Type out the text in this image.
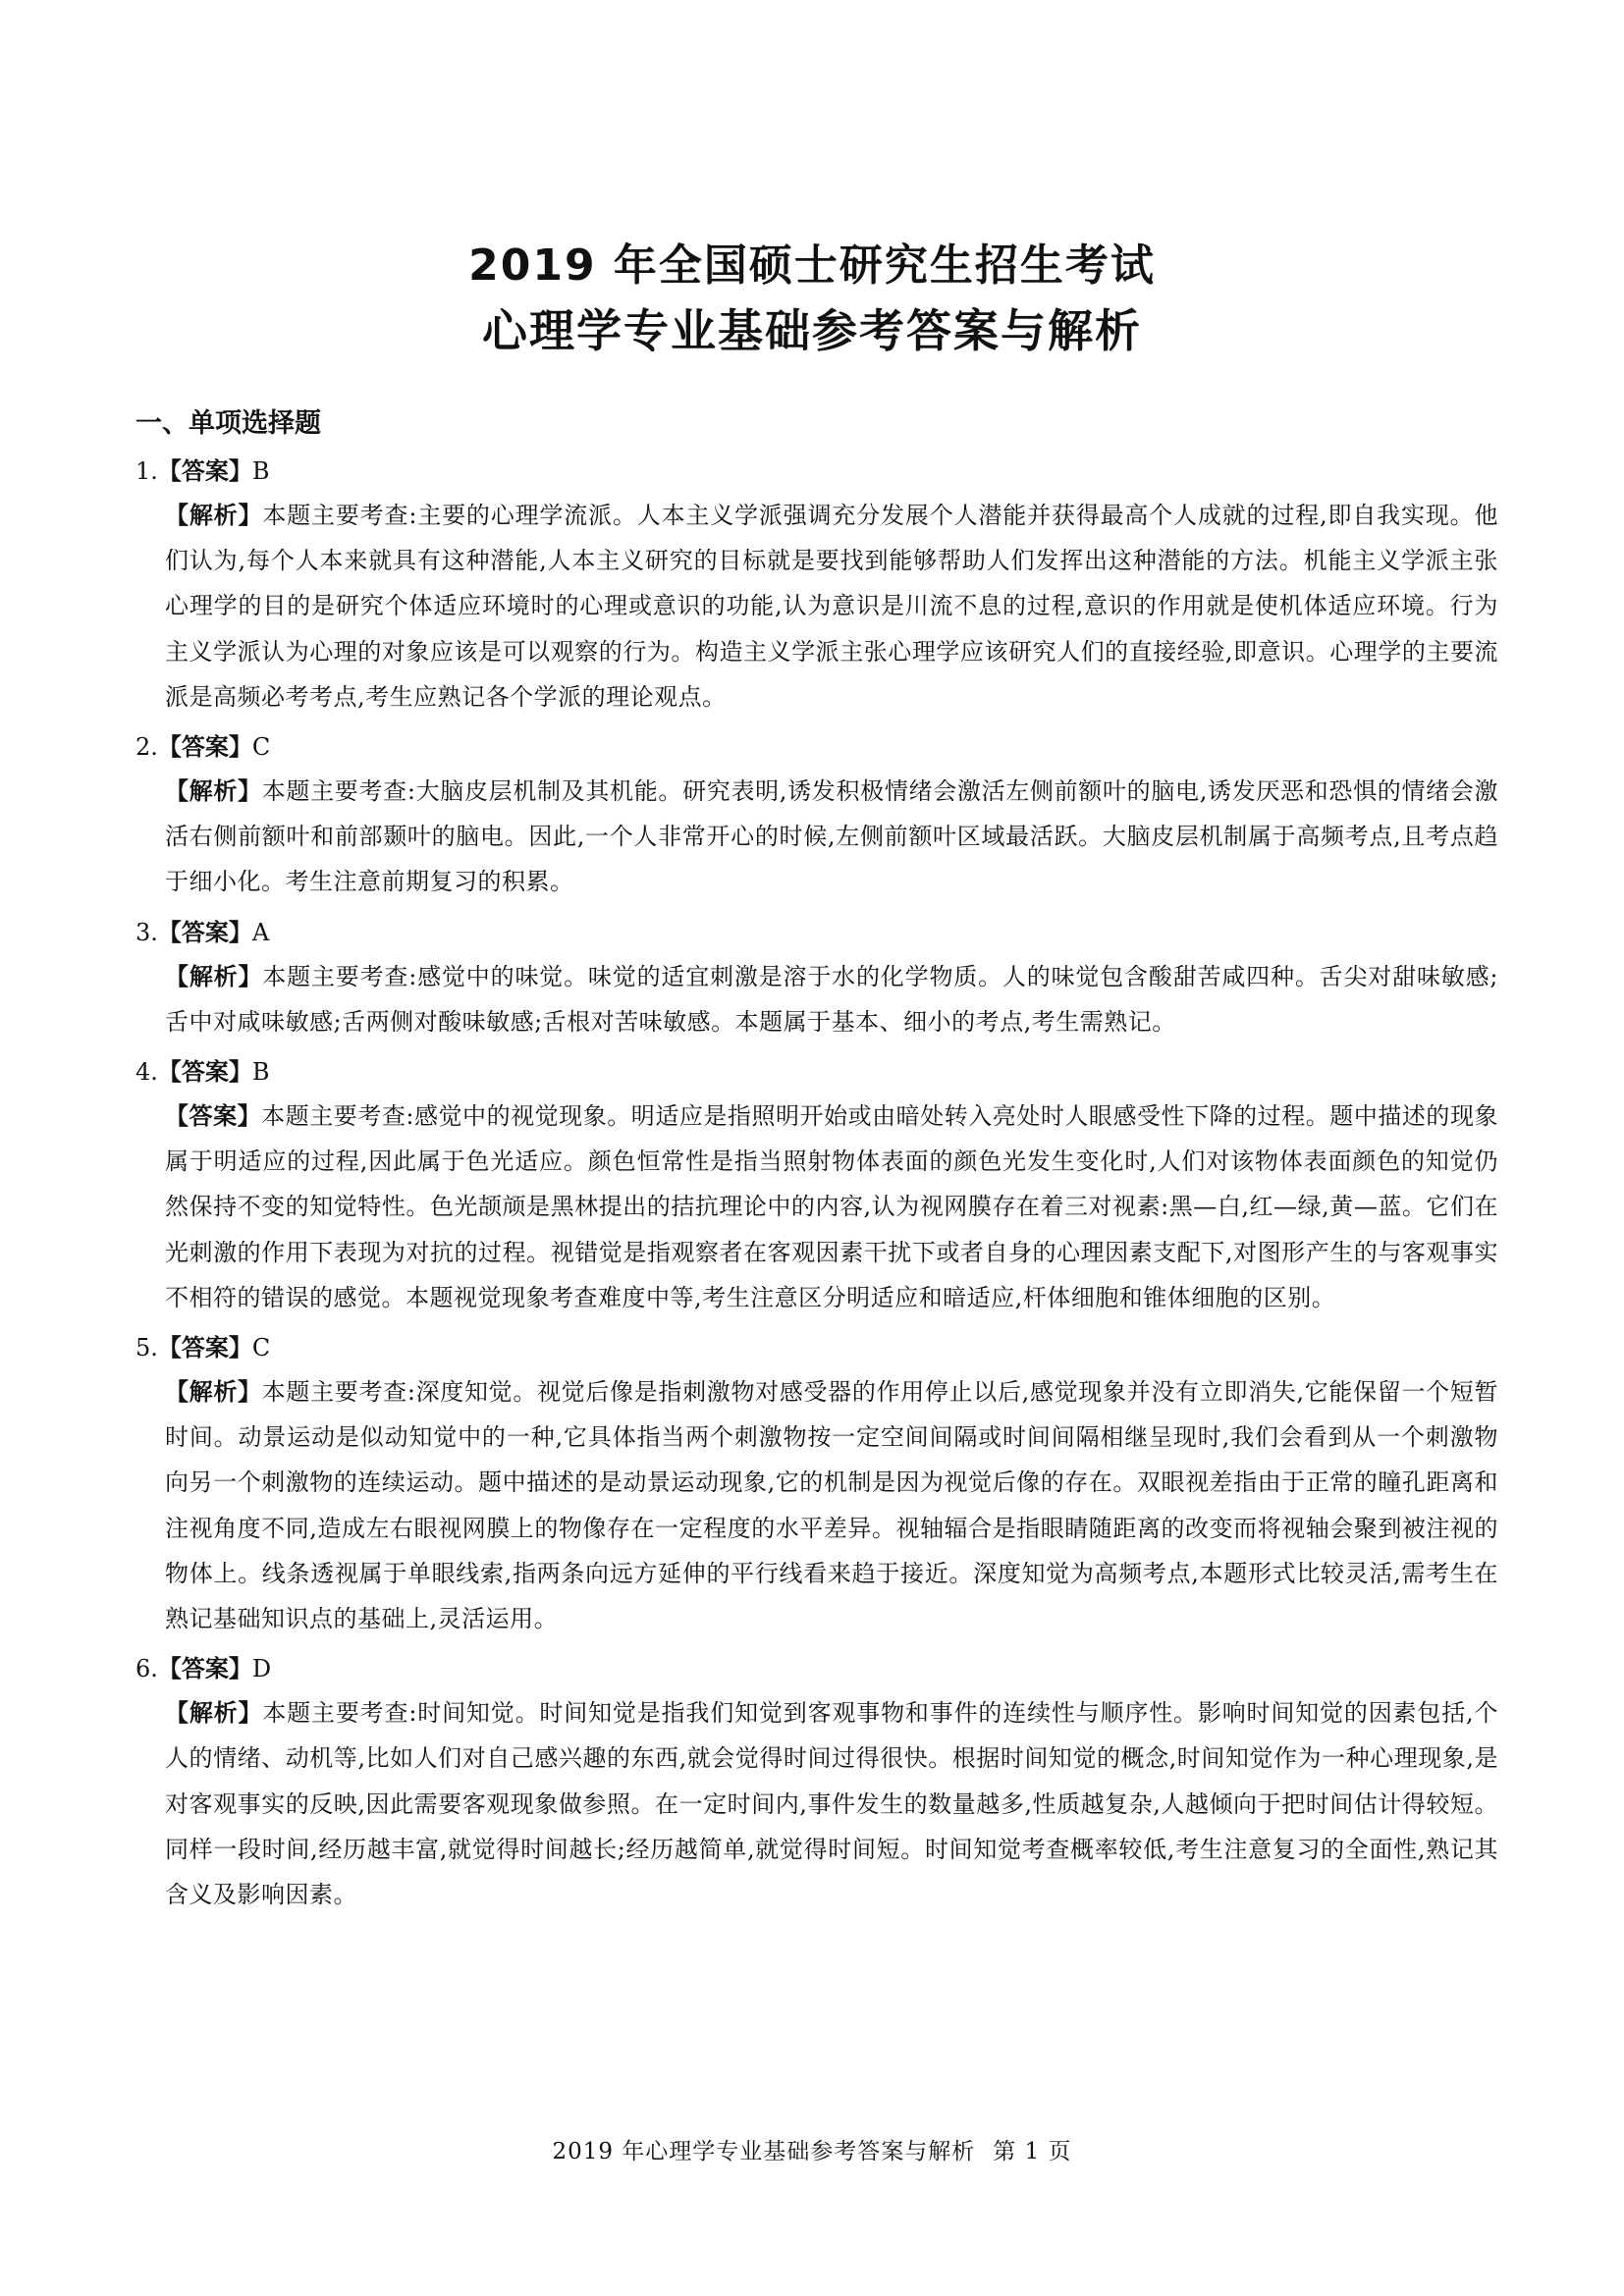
2019 年全国硕士研究生招生考试
心理学专业基础参考答案与解析
一、单项选择题
1.【答案】B
【解析】本题主要考查:主要的心理学流派。人本主义学派强调充分发展个人潜能并获得最高个人成就的过程,即自我实现。他们认为,每个人本来就具有这种潜能,人本主义研究的目标就是要找到能够帮助人们发挥出这种潜能的方法。机能主义学派主张心理学的目的是研究个体适应环境时的心理或意识的功能,认为意识是川流不息的过程,意识的作用就是使机体适应环境。行为主义学派认为心理的对象应该是可以观察的行为。构造主义学派主张心理学应该研究人们的直接经验,即意识。心理学的主要流派是高频必考考点,考生应熟记各个学派的理论观点。
2.【答案】C
【解析】本题主要考查:大脑皮层机制及其机能。研究表明,诱发积极情绪会激活左侧前额叶的脑电,诱发厌恶和恐惧的情绪会激活右侧前额叶和前部颞叶的脑电。因此,一个人非常开心的时候,左侧前额叶区域最活跃。大脑皮层机制属于高频考点,且考点趋于细小化。考生注意前期复习的积累。
3.【答案】A
【解析】本题主要考查:感觉中的味觉。味觉的适宜刺激是溶于水的化学物质。人的味觉包含酸甜苦咸四种。舌尖对甜味敏感;舌中对咸味敏感;舌两侧对酸味敏感;舌根对苦味敏感。本题属于基本、细小的考点,考生需熟记。
4.【答案】B
【答案】本题主要考查:感觉中的视觉现象。明适应是指照明开始或由暗处转入亮处时人眼感受性下降的过程。题中描述的现象属于明适应的过程,因此属于色光适应。颜色恒常性是指当照射物体表面的颜色光发生变化时,人们对该物体表面颜色的知觉仍然保持不变的知觉特性。色光颉颃是黑林提出的拮抗理论中的内容,认为视网膜存在着三对视素:黑—白,红—绿,黄—蓝。它们在光刺激的作用下表现为对抗的过程。视错觉是指观察者在客观因素干扰下或者自身的心理因素支配下,对图形产生的与客观事实不相符的错误的感觉。本题视觉现象考查难度中等,考生注意区分明适应和暗适应,杆体细胞和锥体细胞的区别。
5.【答案】C
【解析】本题主要考查:深度知觉。视觉后像是指刺激物对感受器的作用停止以后,感觉现象并没有立即消失,它能保留一个短暂时间。动景运动是似动知觉中的一种,它具体指当两个刺激物按一定空间间隔或时间间隔相继呈现时,我们会看到从一个刺激物向另一个刺激物的连续运动。题中描述的是动景运动现象,它的机制是因为视觉后像的存在。双眼视差指由于正常的瞳孔距离和注视角度不同,造成左右眼视网膜上的物像存在一定程度的水平差异。视轴辐合是指眼睛随距离的改变而将视轴会聚到被注视的物体上。线条透视属于单眼线索,指两条向远方延伸的平行线看来趋于接近。深度知觉为高频考点,本题形式比较灵活,需考生在熟记基础知识点的基础上,灵活运用。
6.【答案】D
【解析】本题主要考查:时间知觉。时间知觉是指我们知觉到客观事物和事件的连续性与顺序性。影响时间知觉的因素包括,个人的情绪、动机等,比如人们对自己感兴趣的东西,就会觉得时间过得很快。根据时间知觉的概念,时间知觉作为一种心理现象,是对客观事实的反映,因此需要客观现象做参照。在一定时间内,事件发生的数量越多,性质越复杂,人越倾向于把时间估计得较短。同样一段时间,经历越丰富,就觉得时间越长;经历越简单,就觉得时间短。时间知觉考查概率较低,考生注意复习的全面性,熟记其含义及影响因素。
2019 年心理学专业基础参考答案与解析 第 1 页
